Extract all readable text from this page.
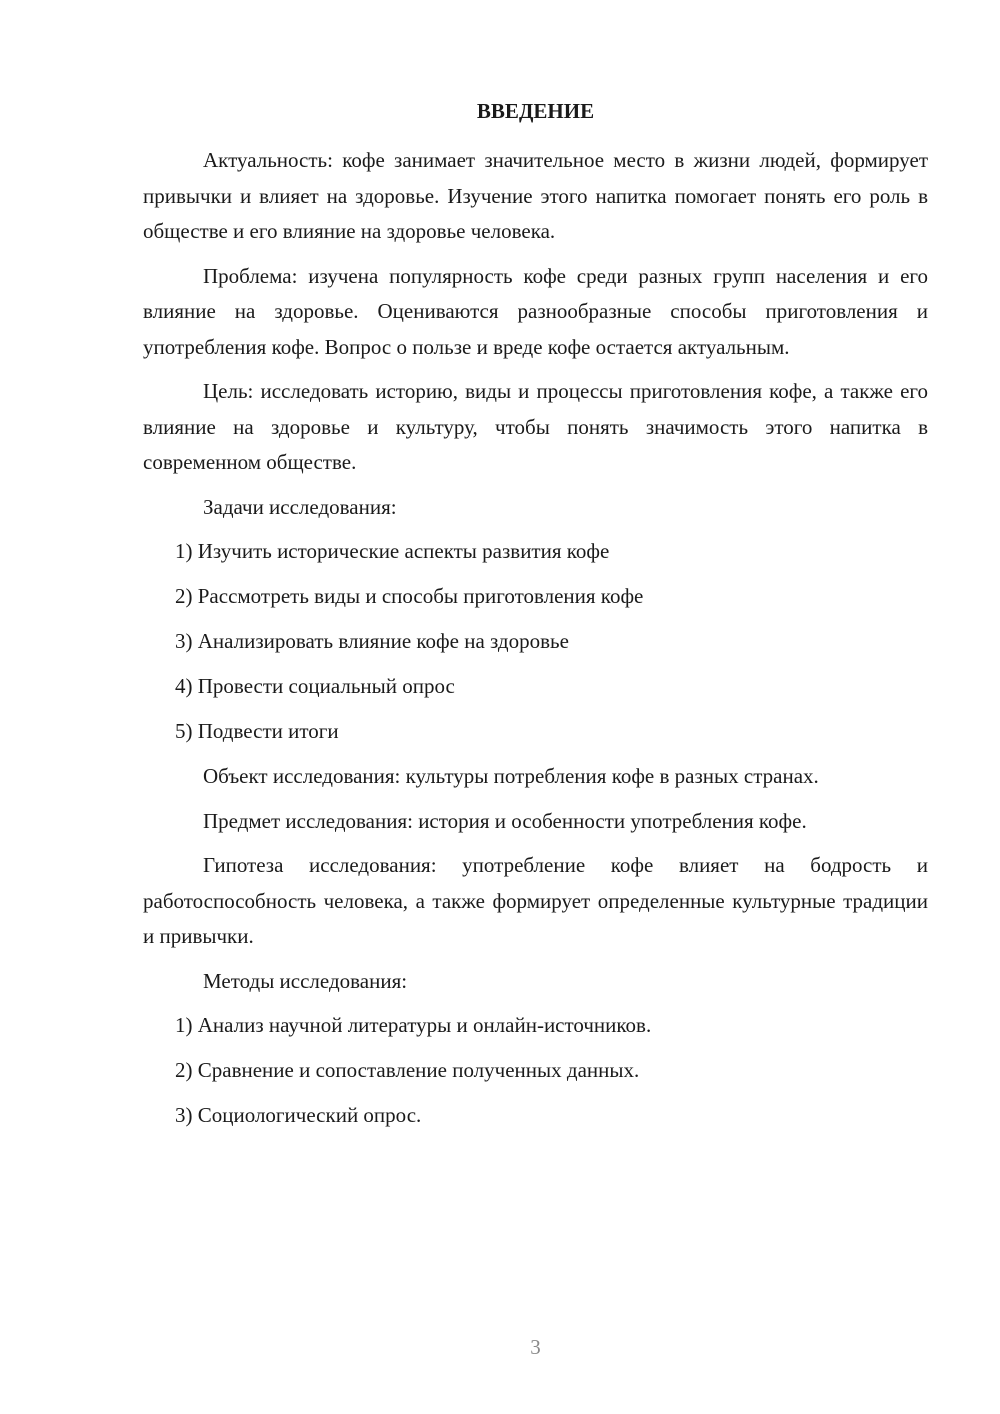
ВВЕДЕНИЕ

Актуальность: кофе занимает значительное место в жизни людей, формирует привычки и влияет на здоровье. Изучение этого напитка помогает понять его роль в обществе и его влияние на здоровье человека.

Проблема: изучена популярность кофе среди разных групп населения и его влияние на здоровье. Оцениваются разнообразные способы приготовления и употребления кофе. Вопрос о пользе и вреде кофе остается актуальным.

Цель: исследовать историю, виды и процессы приготовления кофе, а также его влияние на здоровье и культуру, чтобы понять значимость этого напитка в современном обществе.

Задачи исследования:

1) Изучить исторические аспекты развития кофе

2) Рассмотреть виды и способы приготовления кофе

3) Анализировать влияние кофе на здоровье

4) Провести социальный опрос

5) Подвести итоги

Объект исследования: культуры потребления кофе в разных странах.

Предмет исследования: история и особенности употребления кофе.

Гипотеза исследования: употребление кофе влияет на бодрость и работоспособность человека, а также формирует определенные культурные традиции и привычки.

Методы исследования:

1) Анализ научной литературы и онлайн-источников.

2) Сравнение и сопоставление полученных данных.

3) Социологический опрос.

3
